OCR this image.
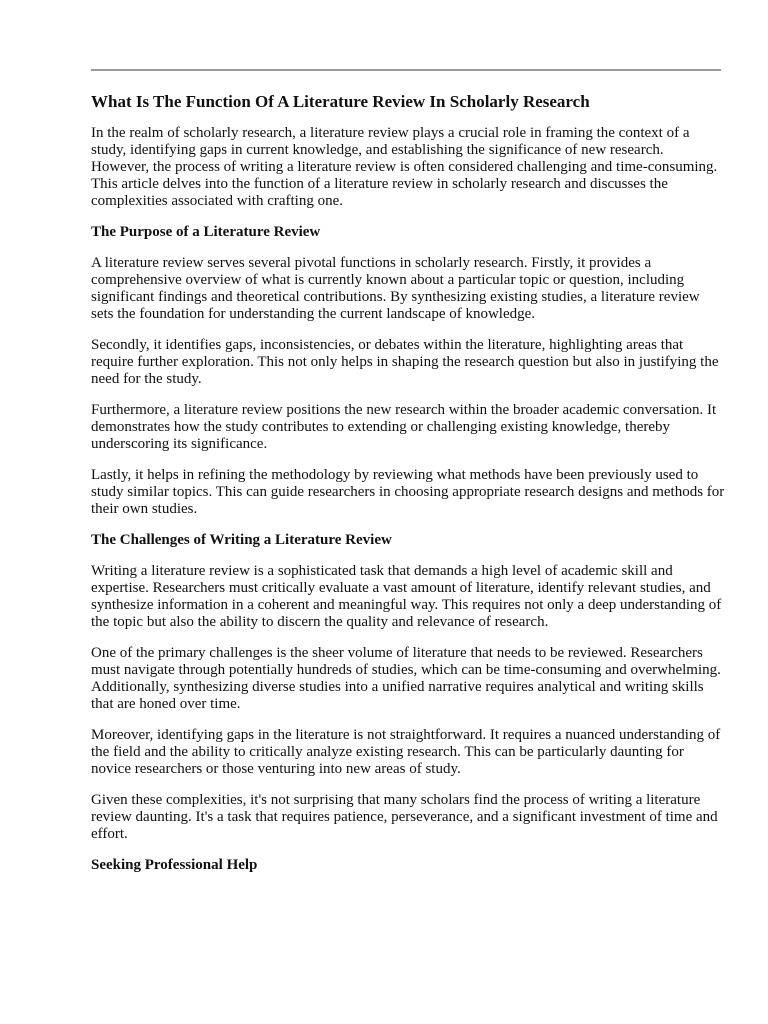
What Is The Function Of A Literature Review In Scholarly Research

In the realm of scholarly research, a literature review plays a crucial role in framing the context of a study, identifying gaps in current knowledge, and establishing the significance of new research. However, the process of writing a literature review is often considered challenging and time-consuming. This article delves into the function of a literature review in scholarly research and discusses the complexities associated with crafting one.

The Purpose of a Literature Review

A literature review serves several pivotal functions in scholarly research. Firstly, it provides a comprehensive overview of what is currently known about a particular topic or question, including significant findings and theoretical contributions. By synthesizing existing studies, a literature review sets the foundation for understanding the current landscape of knowledge.

Secondly, it identifies gaps, inconsistencies, or debates within the literature, highlighting areas that require further exploration. This not only helps in shaping the research question but also in justifying the need for the study.

Furthermore, a literature review positions the new research within the broader academic conversation. It demonstrates how the study contributes to extending or challenging existing knowledge, thereby underscoring its significance.

Lastly, it helps in refining the methodology by reviewing what methods have been previously used to study similar topics. This can guide researchers in choosing appropriate research designs and methods for their own studies.

The Challenges of Writing a Literature Review

Writing a literature review is a sophisticated task that demands a high level of academic skill and expertise. Researchers must critically evaluate a vast amount of literature, identify relevant studies, and synthesize information in a coherent and meaningful way. This requires not only a deep understanding of the topic but also the ability to discern the quality and relevance of research.

One of the primary challenges is the sheer volume of literature that needs to be reviewed. Researchers must navigate through potentially hundreds of studies, which can be time-consuming and overwhelming. Additionally, synthesizing diverse studies into a unified narrative requires analytical and writing skills that are honed over time.

Moreover, identifying gaps in the literature is not straightforward. It requires a nuanced understanding of the field and the ability to critically analyze existing research. This can be particularly daunting for novice researchers or those venturing into new areas of study.

Given these complexities, it's not surprising that many scholars find the process of writing a literature review daunting. It's a task that requires patience, perseverance, and a significant investment of time and effort.

Seeking Professional Help
